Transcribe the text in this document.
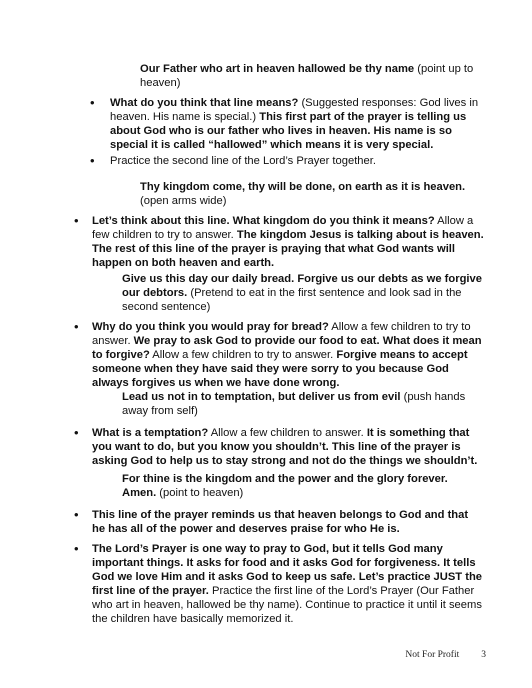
Our Father who art in heaven hallowed be thy name (point up to heaven)

What do you think that line means? (Suggested responses: God lives in heaven. His name is special.) This first part of the prayer is telling us about God who is our father who lives in heaven. His name is so special it is called “hallowed” which means it is very special.

•

Practice the second line of the Lord’s Prayer together.

•

Thy kingdom come, thy will be done, on earth as it is heaven. (open arms wide)

Let’s think about this line. What kingdom do you think it means? Allow a few children to try to answer. The kingdom Jesus is talking about is heaven. The rest of this line of the prayer is praying that what God wants will happen on both heaven and earth.

•

Give us this day our daily bread. Forgive us our debts as we forgive our debtors. (Pretend to eat in the first sentence and look sad in the second sentence)

Why do you think you would pray for bread? Allow a few children to try to answer. We pray to ask God to provide our food to eat. What does it mean to forgive? Allow a few children to try to answer. Forgive means to accept someone when they have said they were sorry to you because God always forgives us when we have done wrong.

•

Lead us not in to temptation, but deliver us from evil (push hands away from self)

What is a temptation? Allow a few children to answer. It is something that you want to do, but you know you shouldn’t. This line of the prayer is asking God to help us to stay strong and not do the things we shouldn’t.

•

For thine is the kingdom and the power and the glory forever. Amen. (point to heaven)

This line of the prayer reminds us that heaven belongs to God and that he has all of the power and deserves praise for who He is.

•

The Lord’s Prayer is one way to pray to God, but it tells God many important things. It asks for food and it asks God for forgiveness. It tells God we love Him and it asks God to keep us safe. Let’s practice JUST the first line of the prayer. Practice the first line of the Lord’s Prayer (Our Father who art in heaven, hallowed be thy name). Continue to practice it until it seems the children have basically memorized it.

•
Not For Profit 3
